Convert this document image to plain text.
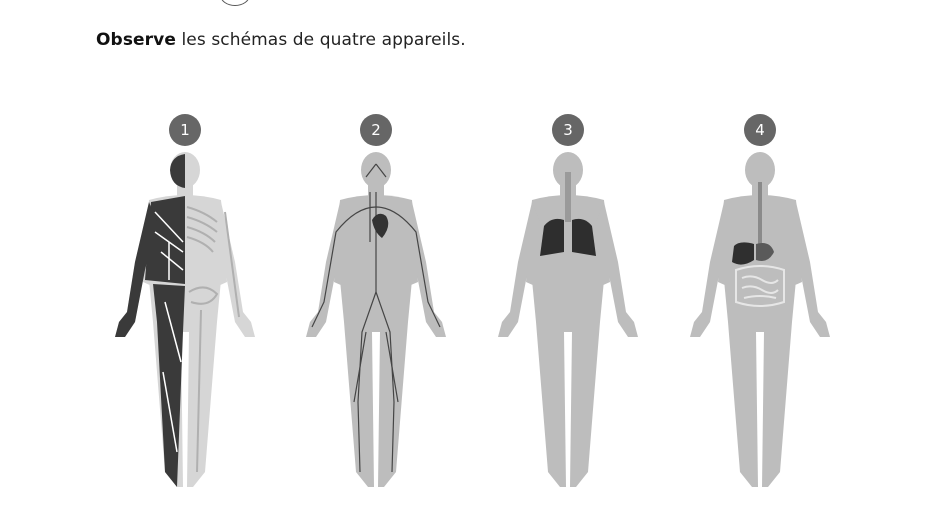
Observe les schémas de quatre appareils.

1	2	3	4
